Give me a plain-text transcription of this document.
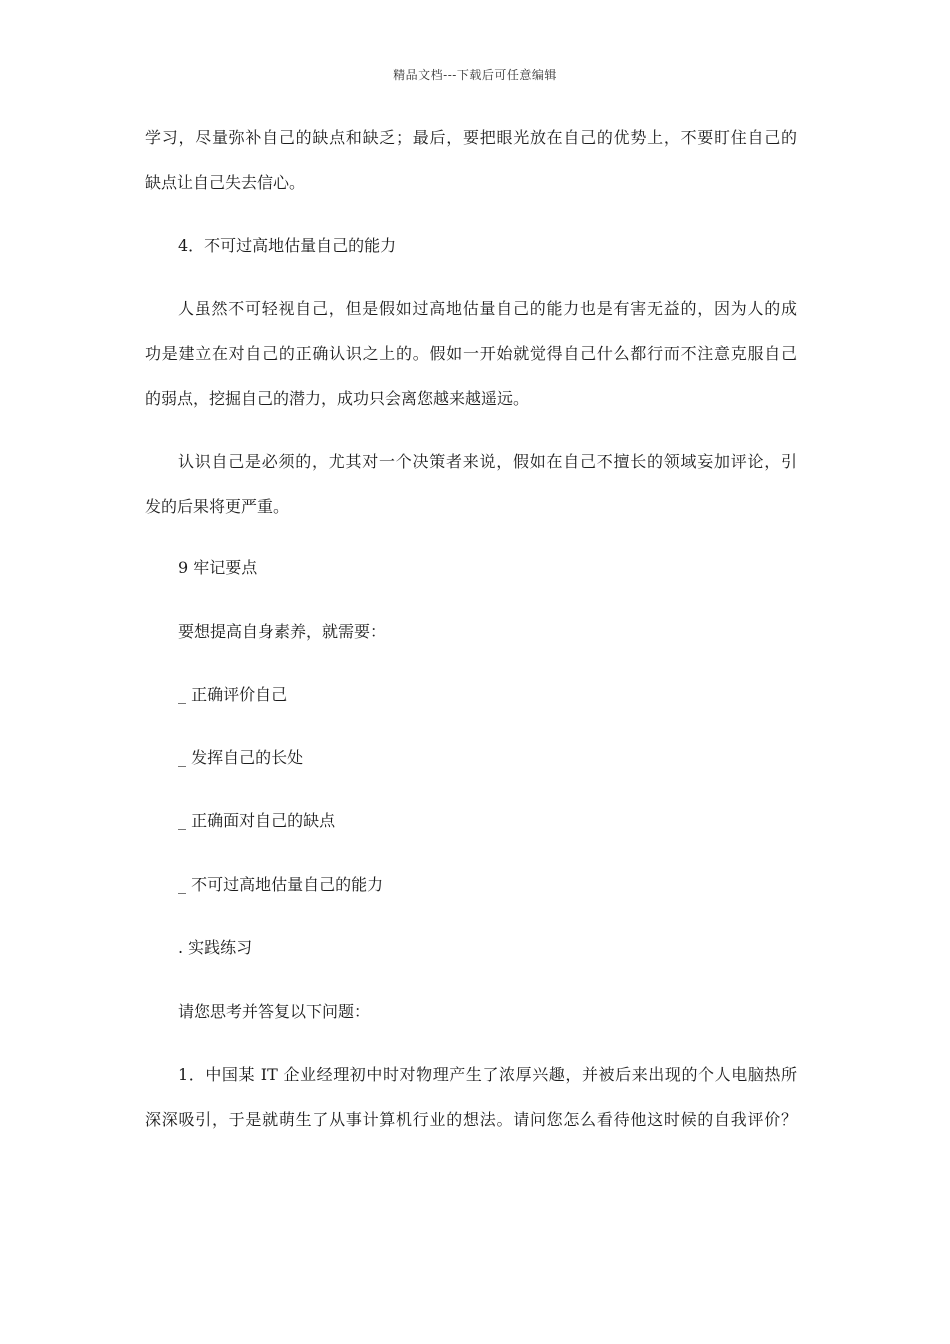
精品文档---下载后可任意编辑
学习，尽量弥补自己的缺点和缺乏；最后，要把眼光放在自己的优势上，不要盯住自己的
缺点让自己失去信心。
4．不可过高地估量自己的能力
人虽然不可轻视自己，但是假如过高地估量自己的能力也是有害无益的，因为人的成
功是建立在对自己的正确认识之上的。假如一开始就觉得自己什么都行而不注意克服自己
的弱点，挖掘自己的潜力，成功只会离您越来越遥远。
认识自己是必须的，尤其对一个决策者来说，假如在自己不擅长的领域妄加评论，引
发的后果将更严重。
9 牢记要点
要想提高自身素养，就需要：
_ 正确评价自己
_ 发挥自己的长处
_ 正确面对自己的缺点
_ 不可过高地估量自己的能力
. 实践练习
请您思考并答复以下问题：
1．中国某 IT 企业经理初中时对物理产生了浓厚兴趣，并被后来出现的个人电脑热所
深深吸引，于是就萌生了从事计算机行业的想法。请问您怎么看待他这时候的自我评价？
